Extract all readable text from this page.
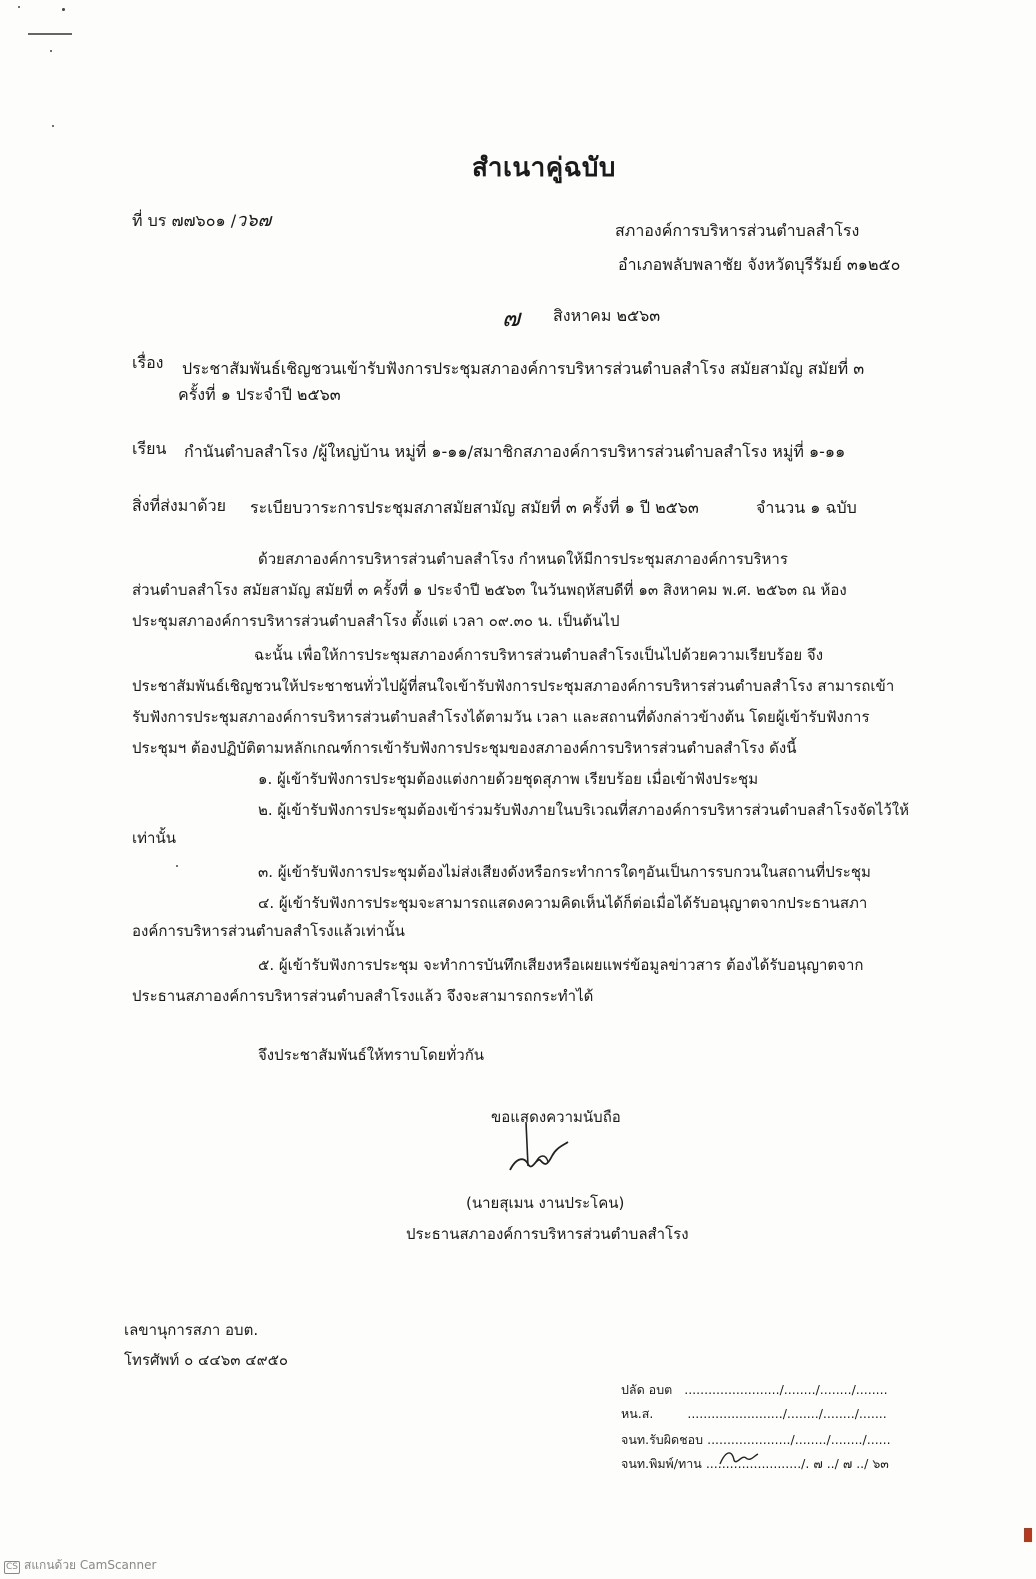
สำเนาคู่ฉบับ
ที่ บร ๗๗๖๐๑ /ว๖๗	สภาองค์การบริหารส่วนตำบลสำโรง
อำเภอพลับพลาชัย จังหวัดบุรีรัมย์ ๓๑๒๕๐
๗ สิงหาคม ๒๕๖๓
เรื่อง ประชาสัมพันธ์เชิญชวนเข้ารับฟังการประชุมสภาองค์การบริหารส่วนตำบลสำโรง สมัยสามัญ สมัยที่ ๓
ครั้งที่ ๑ ประจำปี ๒๕๖๓
เรียน กำนันตำบลสำโรง /ผู้ใหญ่บ้าน หมู่ที่ ๑-๑๑/สมาชิกสภาองค์การบริหารส่วนตำบลสำโรง หมู่ที่ ๑-๑๑
สิ่งที่ส่งมาด้วย ระเบียบวาระการประชุมสภาสมัยสามัญ สมัยที่ ๓ ครั้งที่ ๑ ปี ๒๕๖๓	จำนวน ๑ ฉบับ
ด้วยสภาองค์การบริหารส่วนตำบลสำโรง กำหนดให้มีการประชุมสภาองค์การบริหาร
ส่วนตำบลสำโรง สมัยสามัญ สมัยที่ ๓ ครั้งที่ ๑ ประจำปี ๒๕๖๓ ในวันพฤหัสบดีที่ ๑๓ สิงหาคม พ.ศ. ๒๕๖๓ ณ ห้อง
ประชุมสภาองค์การบริหารส่วนตำบลสำโรง ตั้งแต่ เวลา ๐๙.๓๐ น. เป็นต้นไป
ฉะนั้น เพื่อให้การประชุมสภาองค์การบริหารส่วนตำบลสำโรงเป็นไปด้วยความเรียบร้อย จึง
ประชาสัมพันธ์เชิญชวนให้ประชาชนทั่วไปผู้ที่สนใจเข้ารับฟังการประชุมสภาองค์การบริหารส่วนตำบลสำโรง สามารถเข้า
รับฟังการประชุมสภาองค์การบริหารส่วนตำบลสำโรงได้ตามวัน เวลา และสถานที่ดังกล่าวข้างต้น โดยผู้เข้ารับฟังการ
ประชุมฯ ต้องปฏิบัติตามหลักเกณฑ์การเข้ารับฟังการประชุมของสภาองค์การบริหารส่วนตำบลสำโรง ดังนี้
๑. ผู้เข้ารับฟังการประชุมต้องแต่งกายด้วยชุดสุภาพ เรียบร้อย เมื่อเข้าฟังประชุม
๒. ผู้เข้ารับฟังการประชุมต้องเข้าร่วมรับฟังภายในบริเวณที่สภาองค์การบริหารส่วนตำบลสำโรงจัดไว้ให้
เท่านั้น
๓. ผู้เข้ารับฟังการประชุมต้องไม่ส่งเสียงดังหรือกระทำการใดๆอันเป็นการรบกวนในสถานที่ประชุม
๔. ผู้เข้ารับฟังการประชุมจะสามารถแสดงความคิดเห็นได้ก็ต่อเมื่อได้รับอนุญาตจากประธานสภา
องค์การบริหารส่วนตำบลสำโรงแล้วเท่านั้น
๕. ผู้เข้ารับฟังการประชุม จะทำการบันทึกเสียงหรือเผยแพร่ข้อมูลข่าวสาร ต้องได้รับอนุญาตจาก
ประธานสภาองค์การบริหารส่วนตำบลสำโรงแล้ว จึงจะสามารถกระทำได้
จึงประชาสัมพันธ์ให้ทราบโดยทั่วกัน
ขอแสดงความนับถือ
(นายสุเมน งานประโคน)
ประธานสภาองค์การบริหารส่วนตำบลสำโรง
เลขานุการสภา อบต.
โทรศัพท์ ๐ ๔๔๖๓ ๔๙๕๐
ปลัด อบต ......................../......../......../........
หน.ส.	......................../......../......../.......
จนท.รับผิดชอบ ...................../......../......../......
จนท.พิมพ์/ทาน ......................../. ๗ ../ ๗ ../ ๖๓
CS สแกนด้วย CamScanner
